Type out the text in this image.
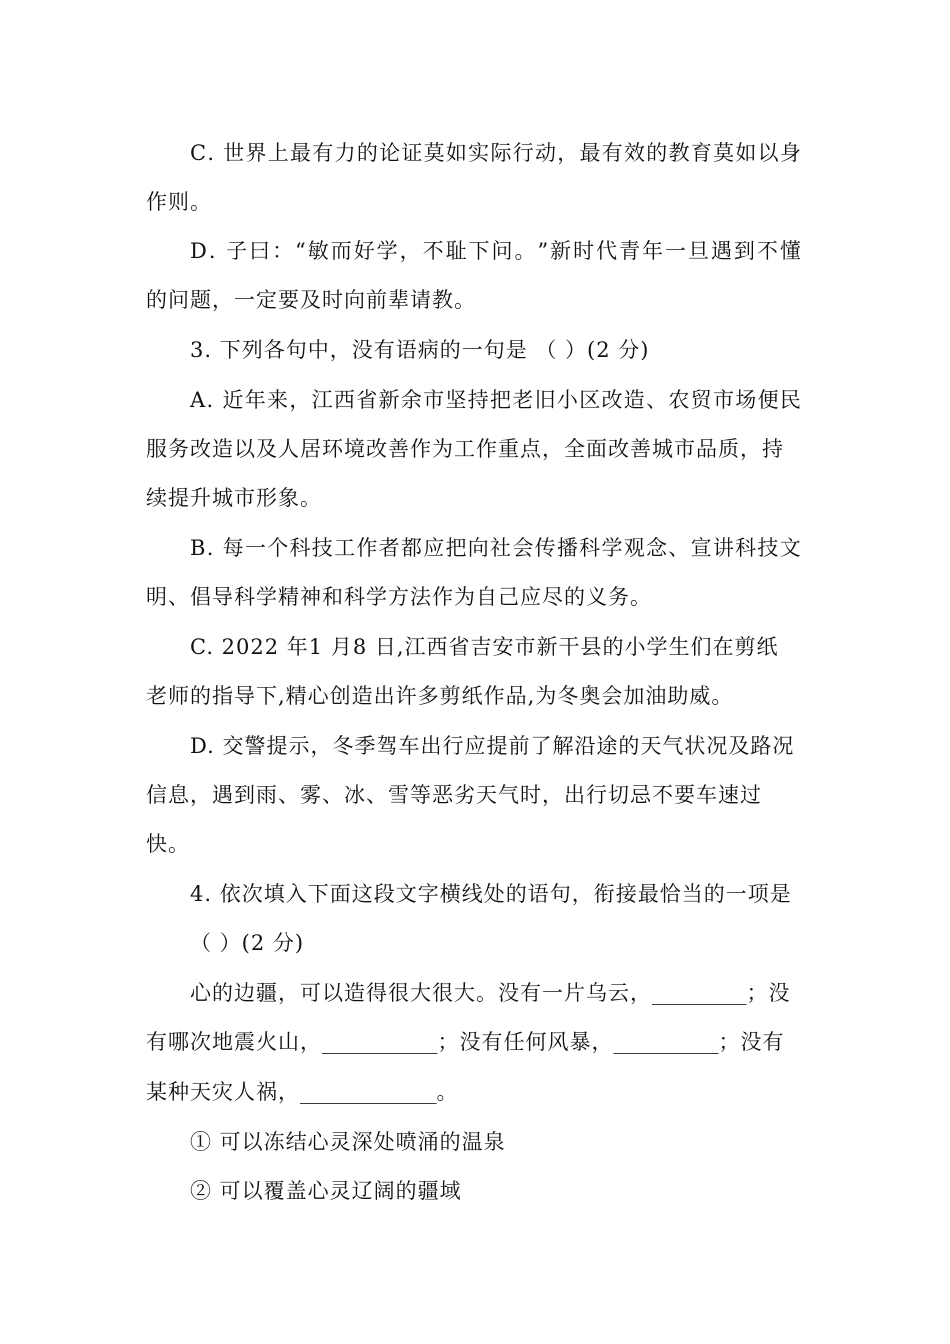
C .
世 界 上 最 有 力 的 论 证 莫 如 实 际 行 动 ， 最 有 效 的 教 育 莫 如 以 身
作则。
D .
子 曰 ： “ 敏 而 好 学 ， 不 耻 下 问 。 ” 新 时 代 青 年 一 旦 遇 到 不 懂
的问题，一定要及时向前辈请教。
3. 下列各句中，没有语病的一句是 （ ）(2 分)
A .
近 年 来 ， 江 西 省 新 余 市 坚 持 把 老 旧 小 区 改 造 、 农 贸 市 场 便 民
服务改造以及人居环境改善作为工作重点，全面改善城市品质，持
续提升城市形象。
B .
每 一 个 科 技 工 作 者 都 应 把 向 社 会 传 播 科 学 观 念 、 宣 讲 科 技 文
明、倡导科学精神和科学方法作为自己应尽的义务。
C. 2022 年1 月8 日,江西省吉安市新干县的小学生们在剪纸
老师的指导下,精心创造出许多剪纸作品,为冬奥会加油助威。
D. 交警提示，冬季驾车出行应提前了解沿途的天气状况及路况
信息，遇到雨、雾、冰、雪等恶劣天气时，出行切忌不要车速过
快。
4. 依次填入下面这段文字横线处的语句，衔接最恰当的一项是
（ ）(2 分)
心的边疆，可以造得很大很大。没有一片乌云，_________；没
有哪次地震火山，___________；没有任何风暴，__________；没有
某种天灾人祸，_____________。
① 可以冻结心灵深处喷涌的温泉
② 可以覆盖心灵辽阔的疆域
